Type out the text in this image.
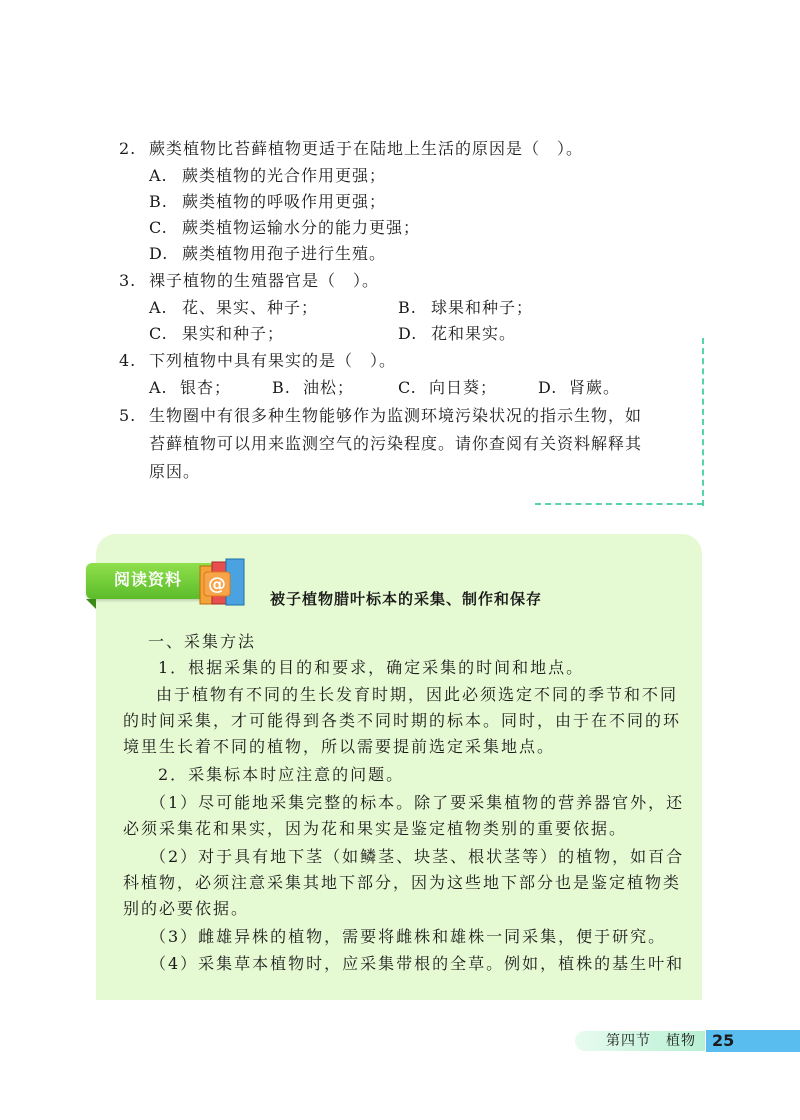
2. 蕨类植物比苔藓植物更适于在陆地上生活的原因是（　）。
A. 蕨类植物的光合作用更强；
B. 蕨类植物的呼吸作用更强；
C. 蕨类植物运输水分的能力更强；
D. 蕨类植物用孢子进行生殖。
3. 裸子植物的生殖器官是（　）。
A. 花、果实、种子；	B. 球果和种子；
C. 果实和种子；	D. 花和果实。
4. 下列植物中具有果实的是（　）。
A. 银杏；	B. 油松；	C. 向日葵；	D. 肾蕨。
5. 生物圈中有很多种生物能够作为监测环境污染状况的指示生物，如
苔藓植物可以用来监测空气的污染程度。请你查阅有关资料解释其
原因。
阅读资料 @
被子植物腊叶标本的采集、制作和保存
一、采集方法
1．根据采集的目的和要求，确定采集的时间和地点。
由于植物有不同的生长发育时期，因此必须选定不同的季节和不同
的时间采集，才可能得到各类不同时期的标本。同时，由于在不同的环
境里生长着不同的植物，所以需要提前选定采集地点。
2．采集标本时应注意的问题。
（1）尽可能地采集完整的标本。除了要采集植物的营养器官外，还
必须采集花和果实，因为花和果实是鉴定植物类别的重要依据。
（2）对于具有地下茎（如鳞茎、块茎、根状茎等）的植物，如百合
科植物，必须注意采集其地下部分，因为这些地下部分也是鉴定植物类
别的必要依据。
（3）雌雄异株的植物，需要将雌株和雄株一同采集，便于研究。
（4）采集草本植物时，应采集带根的全草。例如，植株的基生叶和
第四节　植物 25
